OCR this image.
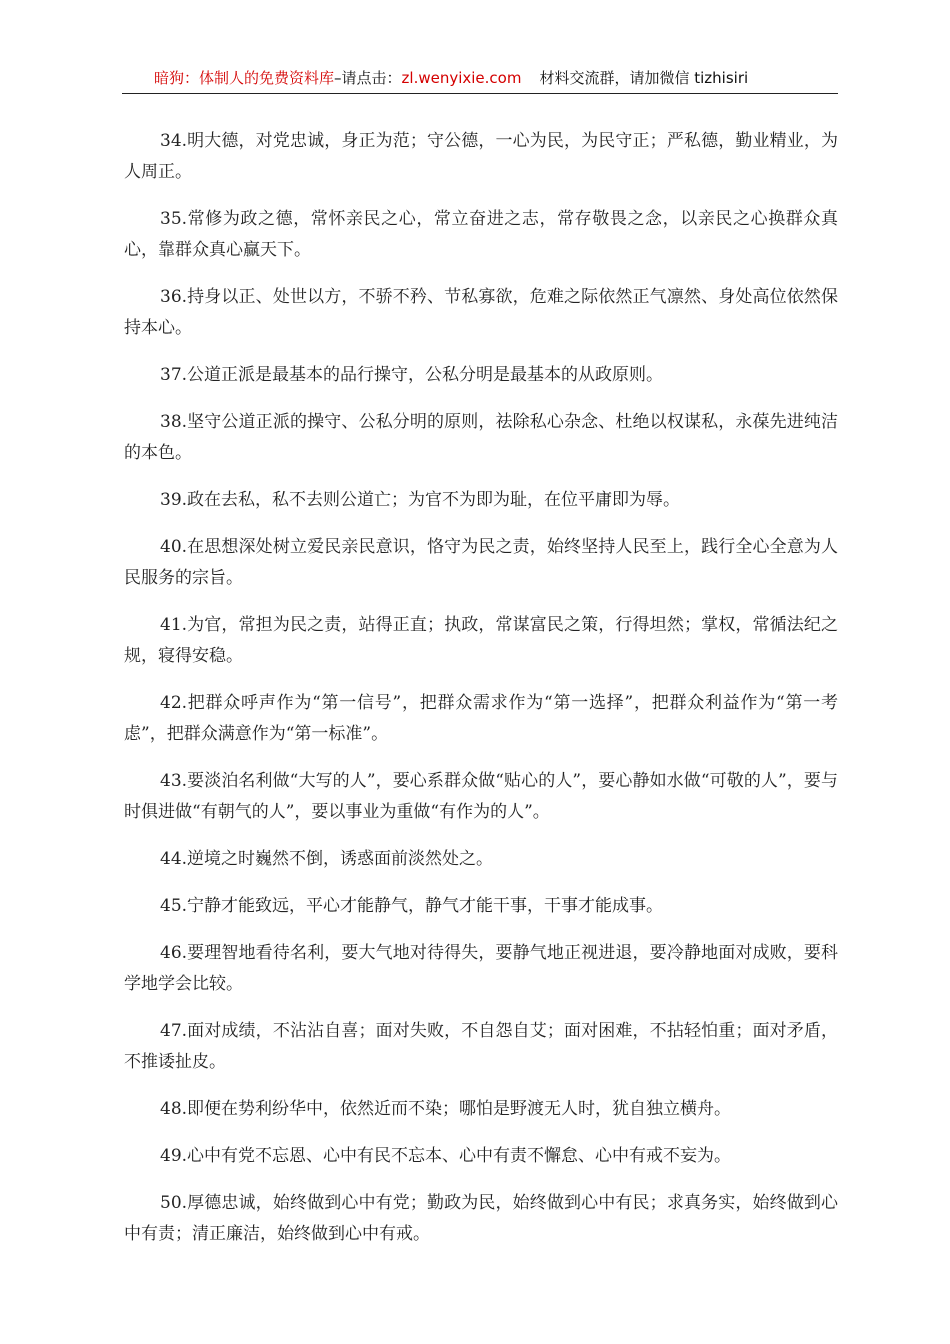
暗狗：体制人的免费资料库–请点击：zl.wenyixie.com 材料交流群，请加微信 tizhisiri

34.明大德，对党忠诚，身正为范；守公德，一心为民，为民守正；严私德，勤业精业，为人周正。

35.常修为政之德，常怀亲民之心，常立奋进之志，常存敬畏之念，以亲民之心换群众真心，靠群众真心赢天下。

36.持身以正、处世以方，不骄不矜、节私寡欲，危难之际依然正气凛然、身处高位依然保持本心。

37.公道正派是最基本的品行操守，公私分明是最基本的从政原则。

38.坚守公道正派的操守、公私分明的原则，祛除私心杂念、杜绝以权谋私，永葆先进纯洁的本色。

39.政在去私，私不去则公道亡；为官不为即为耻，在位平庸即为辱。

40.在思想深处树立爱民亲民意识，恪守为民之责，始终坚持人民至上，践行全心全意为人民服务的宗旨。

41.为官，常担为民之责，站得正直；执政，常谋富民之策，行得坦然；掌权，常循法纪之规，寝得安稳。

42.把群众呼声作为“第一信号”，把群众需求作为“第一选择”，把群众利益作为“第一考虑”，把群众满意作为“第一标准”。

43.要淡泊名利做“大写的人”，要心系群众做“贴心的人”，要心静如水做“可敬的人”，要与时俱进做“有朝气的人”，要以事业为重做“有作为的人”。

44.逆境之时巍然不倒，诱惑面前淡然处之。

45.宁静才能致远，平心才能静气，静气才能干事，干事才能成事。

46.要理智地看待名利，要大气地对待得失，要静气地正视进退，要冷静地面对成败，要科学地学会比较。

47.面对成绩，不沾沾自喜；面对失败，不自怨自艾；面对困难，不拈轻怕重；面对矛盾，不推诿扯皮。

48.即便在势利纷华中，依然近而不染；哪怕是野渡无人时，犹自独立横舟。

49.心中有党不忘恩、心中有民不忘本、心中有责不懈怠、心中有戒不妄为。

50.厚德忠诚，始终做到心中有党；勤政为民，始终做到心中有民；求真务实，始终做到心中有责；清正廉洁，始终做到心中有戒。
